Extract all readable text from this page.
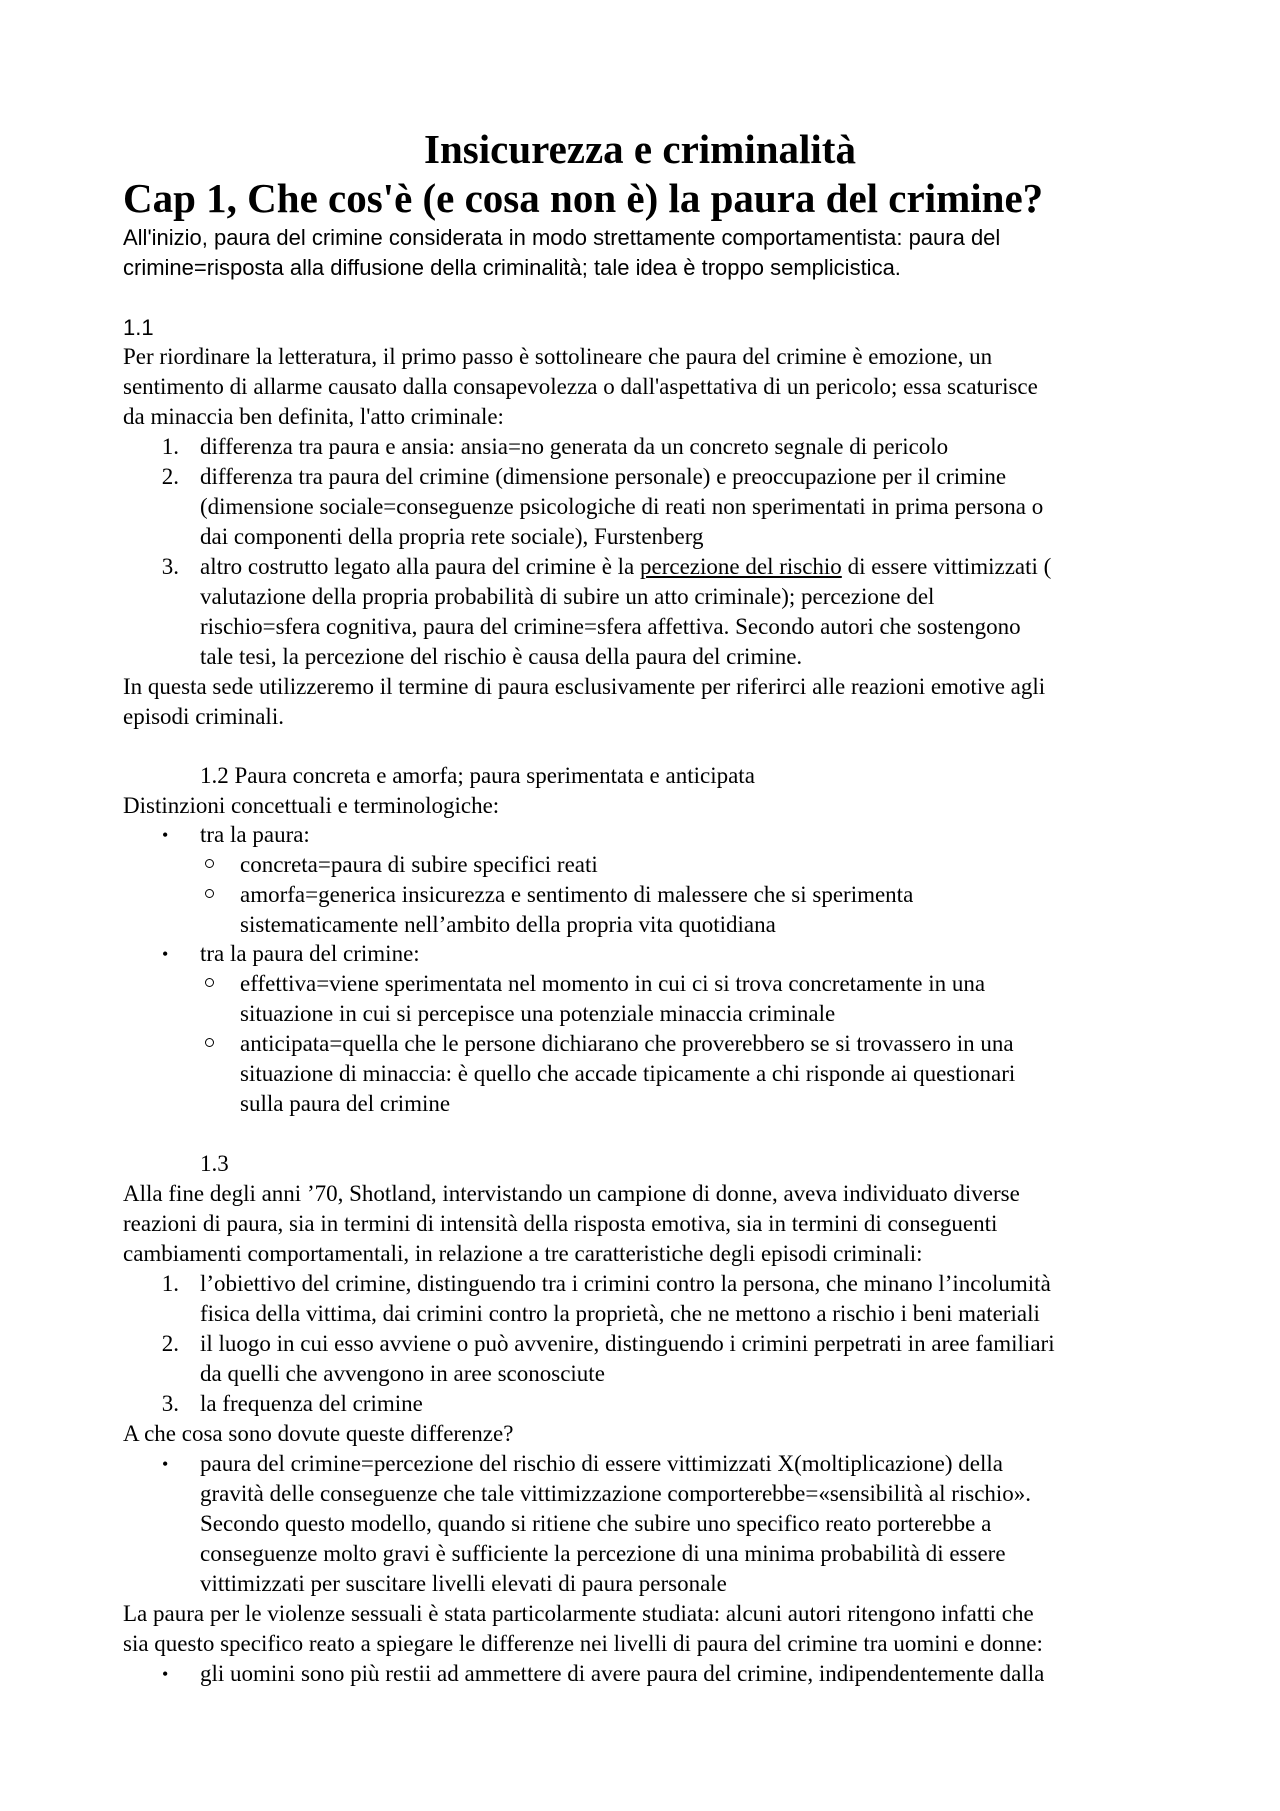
Insicurezza e criminalità
Cap 1, Che cos'è (e cosa non è) la paura del crimine?
All'inizio, paura del crimine considerata in modo strettamente comportamentista: paura del
crimine=risposta alla diffusione della criminalità; tale idea è troppo semplicistica.
1.1
Per riordinare la letteratura, il primo passo è sottolineare che paura del crimine è emozione, un
sentimento di allarme causato dalla consapevolezza o dall'aspettativa di un pericolo; essa scaturisce
da minaccia ben definita, l'atto criminale:
1. differenza tra paura e ansia: ansia=no generata da un concreto segnale di pericolo
2. differenza tra paura del crimine (dimensione personale) e preoccupazione per il crimine
(dimensione sociale=conseguenze psicologiche di reati non sperimentati in prima persona o
dai componenti della propria rete sociale), Furstenberg
3. altro costrutto legato alla paura del crimine è la percezione del rischio di essere vittimizzati (
valutazione della propria probabilità di subire un atto criminale); percezione del
rischio=sfera cognitiva, paura del crimine=sfera affettiva. Secondo autori che sostengono
tale tesi, la percezione del rischio è causa della paura del crimine.
In questa sede utilizzeremo il termine di paura esclusivamente per riferirci alle reazioni emotive agli
episodi criminali.
1.2 Paura concreta e amorfa; paura sperimentata e anticipata
Distinzioni concettuali e terminologiche:
• tra la paura:
concreta=paura di subire specifici reati
amorfa=generica insicurezza e sentimento di malessere che si sperimenta
sistematicamente nell’ambito della propria vita quotidiana
• tra la paura del crimine:
effettiva=viene sperimentata nel momento in cui ci si trova concretamente in una
situazione in cui si percepisce una potenziale minaccia criminale
anticipata=quella che le persone dichiarano che proverebbero se si trovassero in una
situazione di minaccia: è quello che accade tipicamente a chi risponde ai questionari
sulla paura del crimine
1.3
Alla fine degli anni ’70, Shotland, intervistando un campione di donne, aveva individuato diverse
reazioni di paura, sia in termini di intensità della risposta emotiva, sia in termini di conseguenti
cambiamenti comportamentali, in relazione a tre caratteristiche degli episodi criminali:
1. l’obiettivo del crimine, distinguendo tra i crimini contro la persona, che minano l’incolumità
fisica della vittima, dai crimini contro la proprietà, che ne mettono a rischio i beni materiali
2. il luogo in cui esso avviene o può avvenire, distinguendo i crimini perpetrati in aree familiari
da quelli che avvengono in aree sconosciute
3. la frequenza del crimine
A che cosa sono dovute queste differenze?
• paura del crimine=percezione del rischio di essere vittimizzati X(moltiplicazione) della
gravità delle conseguenze che tale vittimizzazione comporterebbe=«sensibilità al rischio».
Secondo questo modello, quando si ritiene che subire uno specifico reato porterebbe a
conseguenze molto gravi è sufficiente la percezione di una minima probabilità di essere
vittimizzati per suscitare livelli elevati di paura personale
La paura per le violenze sessuali è stata particolarmente studiata: alcuni autori ritengono infatti che
sia questo specifico reato a spiegare le differenze nei livelli di paura del crimine tra uomini e donne:
• gli uomini sono più restii ad ammettere di avere paura del crimine, indipendentemente dalla
